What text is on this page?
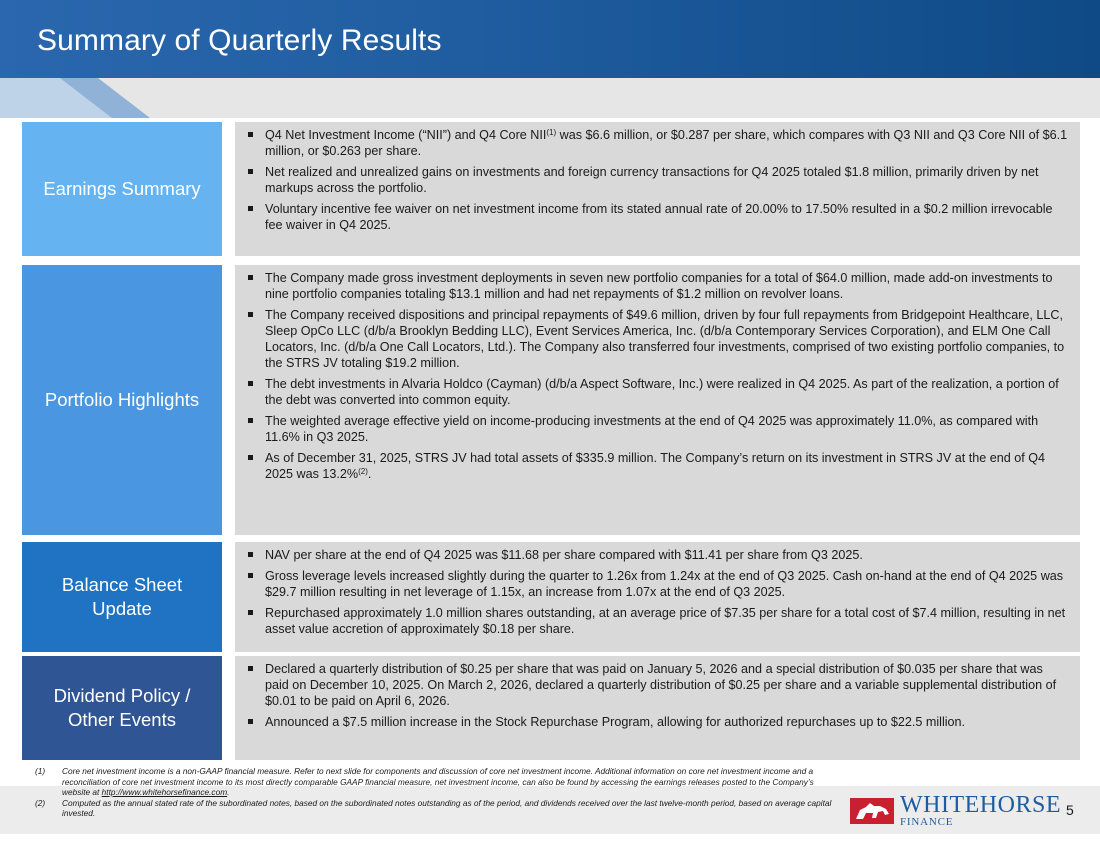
Summary of Quarterly Results
Earnings Summary
Q4 Net Investment Income (“NII”) and Q4 Core NII$^{(1)}$ was $6.6 million, or $0.287 per share, which compares with Q3 NII and Q3 Core NII of $6.1 million, or $0.263 per share.
Net realized and unrealized gains on investments and foreign currency transactions for Q4 2025 totaled $1.8 million, primarily driven by net markups across the portfolio.
Voluntary incentive fee waiver on net investment income from its stated annual rate of 20.00% to 17.50% resulted in a $0.2 million irrevocable fee waiver in Q4 2025.
Portfolio Highlights
The Company made gross investment deployments in seven new portfolio companies for a total of $64.0 million, made add-on investments to nine portfolio companies totaling $13.1 million and had net repayments of $1.2 million on revolver loans.
The Company received dispositions and principal repayments of $49.6 million, driven by four full repayments from Bridgepoint Healthcare, LLC, Sleep OpCo LLC (d/b/a Brooklyn Bedding LLC), Event Services America, Inc. (d/b/a Contemporary Services Corporation), and ELM One Call Locators, Inc. (d/b/a One Call Locators, Ltd.). The Company also transferred four investments, comprised of two existing portfolio companies, to the STRS JV totaling $19.2 million.
The debt investments in Alvaria Holdco (Cayman) (d/b/a Aspect Software, Inc.) were realized in Q4 2025. As part of the realization, a portion of the debt was converted into common equity.
The weighted average effective yield on income-producing investments at the end of Q4 2025 was approximately 11.0%, as compared with 11.6% in Q3 2025.
As of December 31, 2025, STRS JV had total assets of $335.9 million. The Company’s return on its investment in STRS JV at the end of Q4 2025 was 13.2%$^{(2)}$.
Balance Sheet
Update
NAV per share at the end of Q4 2025 was $11.68 per share compared with $11.41 per share from Q3 2025.
Gross leverage levels increased slightly during the quarter to 1.26x from 1.24x at the end of Q3 2025. Cash on-hand at the end of Q4 2025 was $29.7 million resulting in net leverage of 1.15x, an increase from 1.07x at the end of Q3 2025.
Repurchased approximately 1.0 million shares outstanding, at an average price of $7.35 per share for a total cost of $7.4 million, resulting in net asset value accretion of approximately $0.18 per share.
Dividend Policy /
Other Events
Declared a quarterly distribution of $0.25 per share that was paid on January 5, 2026 and a special distribution of $0.035 per share that was paid on December 10, 2025. On March 2, 2026, declared a quarterly distribution of $0.25 per share and a variable supplemental distribution of $0.01 to be paid on April 6, 2026.
Announced a $7.5 million increase in the Stock Repurchase Program, allowing for authorized repurchases up to $22.5 million.
(1) Core net investment income is a non-GAAP financial measure. Refer to next slide for components and discussion of core net investment income. Additional information on core net investment income and a reconciliation of core net investment income to its most directly comparable GAAP financial measure, net investment income, can also be found by accessing the earnings releases posted to the Company’s website at http://www.whitehorsefinance.com.
(2) Computed as the annual stated rate of the subordinated notes, based on the subordinated notes outstanding as of the period, and dividends received over the last twelve-month period, based on average capital invested.	WHITEHORSE
FINANCE
5
